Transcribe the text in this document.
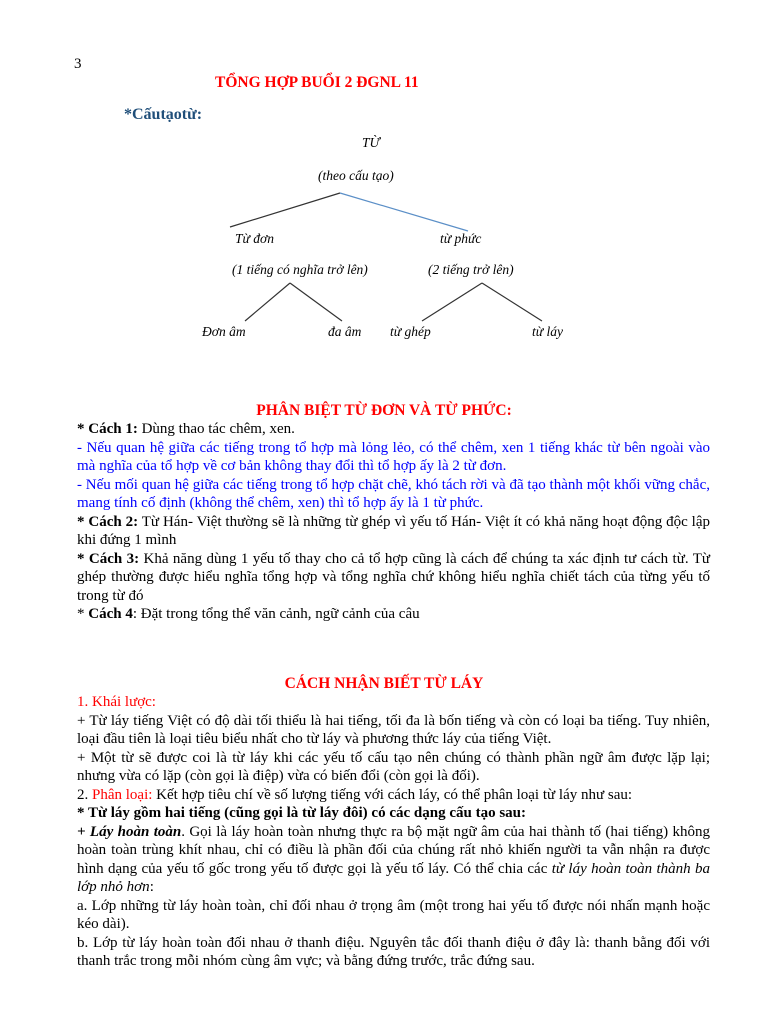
3
TỔNG HỢP BUỔI 2 ĐGNL 11
*Cấutạotừ:
TỪ
(theo cấu tạo)
Từ đơn	từ phức
(1 tiếng có nghĩa trở lên)	(2 tiếng trở lên)
Đơn âm	đa âm từ ghép	từ láy
PHÂN BIỆT TỪ ĐƠN VÀ TỪ PHỨC:

* Cách 1: Dùng thao tác chêm, xen.

- Nếu quan hệ giữa các tiếng trong tổ hợp mà lỏng lẻo, có thể chêm, xen 1 tiếng khác từ bên ngoài vào mà nghĩa của tổ hợp về cơ bản không thay đổi thì tổ hợp ấy là 2 từ đơn.

- Nếu mối quan hệ giữa các tiếng trong tổ hợp chặt chẽ, khó tách rời và đã tạo thành một khối vững chắc, mang tính cố định (không thể chêm, xen) thì tổ hợp ấy là 1 từ phức.

* Cách 2: Từ Hán- Việt thường sẽ là những từ ghép vì yếu tố Hán- Việt ít có khả năng hoạt động độc lập khi đứng 1 mình

* Cách 3: Khả năng dùng 1 yếu tố thay cho cả tổ hợp cũng là cách để chúng ta xác định tư cách từ. Từ ghép thường được hiểu nghĩa tổng hợp và tổng nghĩa chứ không hiểu nghĩa chiết tách của từng yếu tố trong từ đó

* Cách 4: Đặt trong tổng thể văn cảnh, ngữ cảnh của câu

CÁCH NHẬN BIẾT TỪ LÁY

1. Khái lược:

+ Từ láy tiếng Việt có độ dài tối thiểu là hai tiếng, tối đa là bốn tiếng và còn có loại ba tiếng. Tuy nhiên, loại đầu tiên là loại tiêu biểu nhất cho từ láy và phương thức láy của tiếng Việt.

+ Một từ sẽ được coi là từ láy khi các yếu tố cấu tạo nên chúng có thành phần ngữ âm được lặp lại; nhưng vừa có lặp (còn gọi là điệp) vừa có biến đổi (còn gọi là đối).

2. Phân loại: Kết hợp tiêu chí về số lượng tiếng với cách láy, có thể phân loại từ láy như sau:

* Từ láy gồm hai tiếng (cũng gọi là từ láy đôi) có các dạng cấu tạo sau:

+ Láy hoàn toàn. Gọi là láy hoàn toàn nhưng thực ra bộ mặt ngữ âm của hai thành tố (hai tiếng) không hoàn toàn trùng khít nhau, chỉ có điều là phần đối của chúng rất nhỏ khiến người ta vẫn nhận ra được hình dạng của yếu tố gốc trong yếu tố được gọi là yếu tố láy. Có thể chia các từ láy hoàn toàn thành ba lớp nhỏ hơn:

a. Lớp những từ láy hoàn toàn, chỉ đối nhau ở trọng âm (một trong hai yếu tố được nói nhấn mạnh hoặc kéo dài).

b. Lớp từ láy hoàn toàn đối nhau ở thanh điệu. Nguyên tắc đối thanh điệu ở đây là: thanh bằng đối với thanh trắc trong mỗi nhóm cùng âm vực; và bằng đứng trước, trắc đứng sau.
